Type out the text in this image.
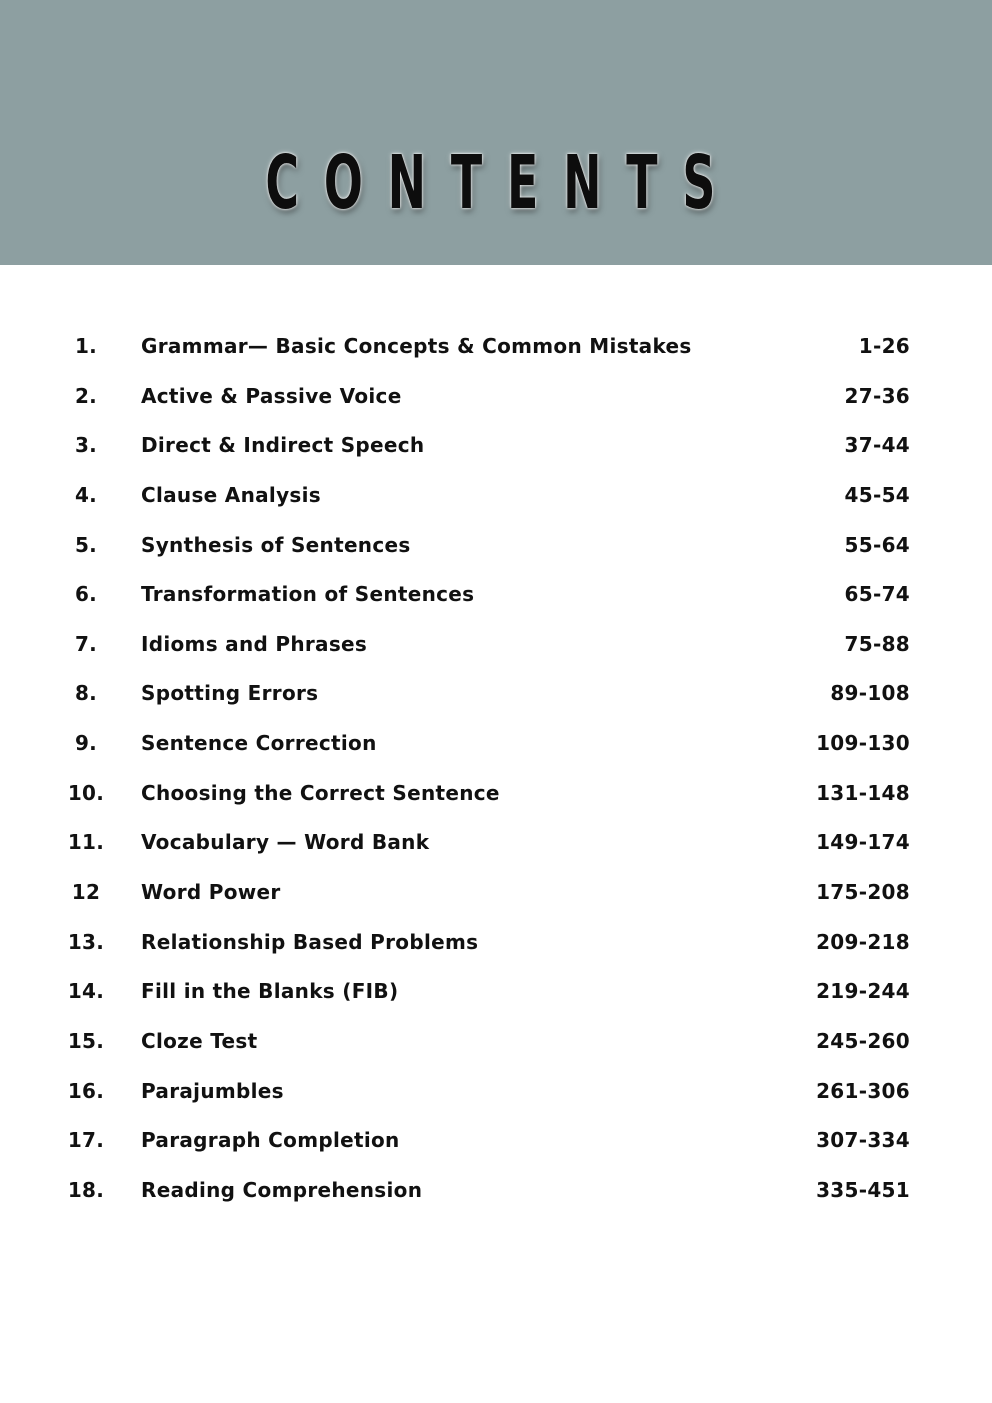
CONTENTS
1.	Grammar— Basic Concepts & Common Mistakes	1-26
2.	Active & Passive Voice	27-36
3.	Direct & Indirect Speech	37-44
4.	Clause Analysis	45-54
5.	Synthesis of Sentences	55-64
6.	Transformation of Sentences	65-74
7.	Idioms and Phrases	75-88
8.	Spotting Errors	89-108
9.	Sentence Correction	109-130
10. Choosing the Correct Sentence	131-148
11. Vocabulary — Word Bank	149-174
12 Word Power	175-208
13. Relationship Based Problems	209-218
14. Fill in the Blanks (FIB)	219-244
15. Cloze Test	245-260
16. Parajumbles	261-306
17. Paragraph Completion	307-334
18. Reading Comprehension	335-451
